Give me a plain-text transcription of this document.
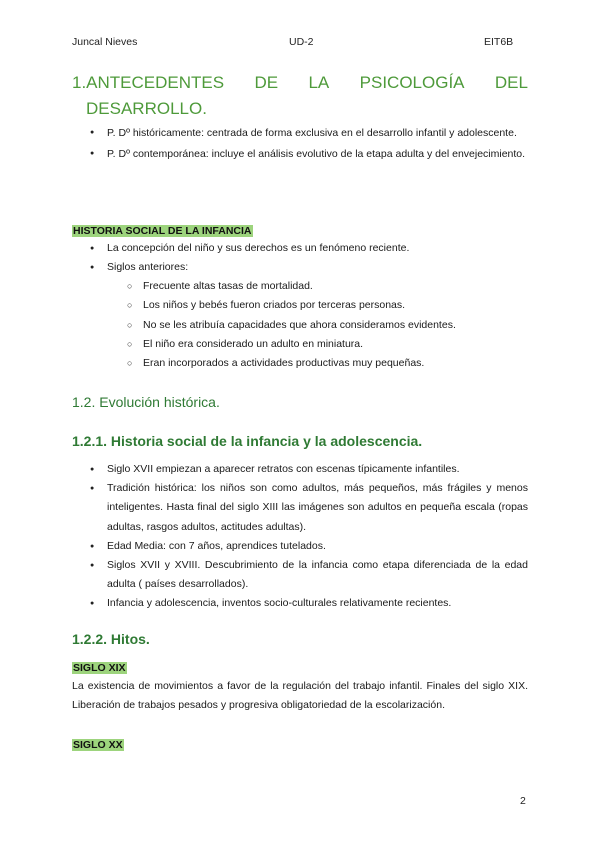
Juncal Nieves	UD-2	EIT6B
1.ANTECEDENTES DE LA PSICOLOGÍA DEL
DESARROLLO.
● P. Dº históricamente: centrada de forma exclusiva en el desarrollo infantil y adolescente.
● P. Dº contemporánea: incluye el análisis evolutivo de la etapa adulta y del envejecimiento.
HISTORIA SOCIAL DE LA INFANCIA
● La concepción del niño y sus derechos es un fenómeno reciente.
● Siglos anteriores:
○ Frecuente altas tasas de mortalidad.
○ Los niños y bebés fueron criados por terceras personas.
○ No se les atribuía capacidades que ahora consideramos evidentes.
○ El niño era considerado un adulto en miniatura.
○ Eran incorporados a actividades productivas muy pequeñas.
1.2. Evolución histórica.
1.2.1. Historia social de la infancia y la adolescencia.
● Siglo XVII empiezan a aparecer retratos con escenas típicamente infantiles.
● Tradición histórica: los niños son como adultos, más pequeños, más frágiles y menos inteligentes. Hasta final del siglo XIII las imágenes son adultos en pequeña escala (ropas adultas, rasgos adultos, actitudes adultas).
● Edad Media: con 7 años, aprendices tutelados.
● Siglos XVII y XVIII. Descubrimiento de la infancia como etapa diferenciada de la edad adulta ( países desarrollados).
● Infancia y adolescencia, inventos socio-culturales relativamente recientes.
1.2.2. Hitos.
SIGLO XIX
La existencia de movimientos a favor de la regulación del trabajo infantil. Finales del siglo XIX. Liberación de trabajos pesados y progresiva obligatoriedad de la escolarización.
SIGLO XX
2
